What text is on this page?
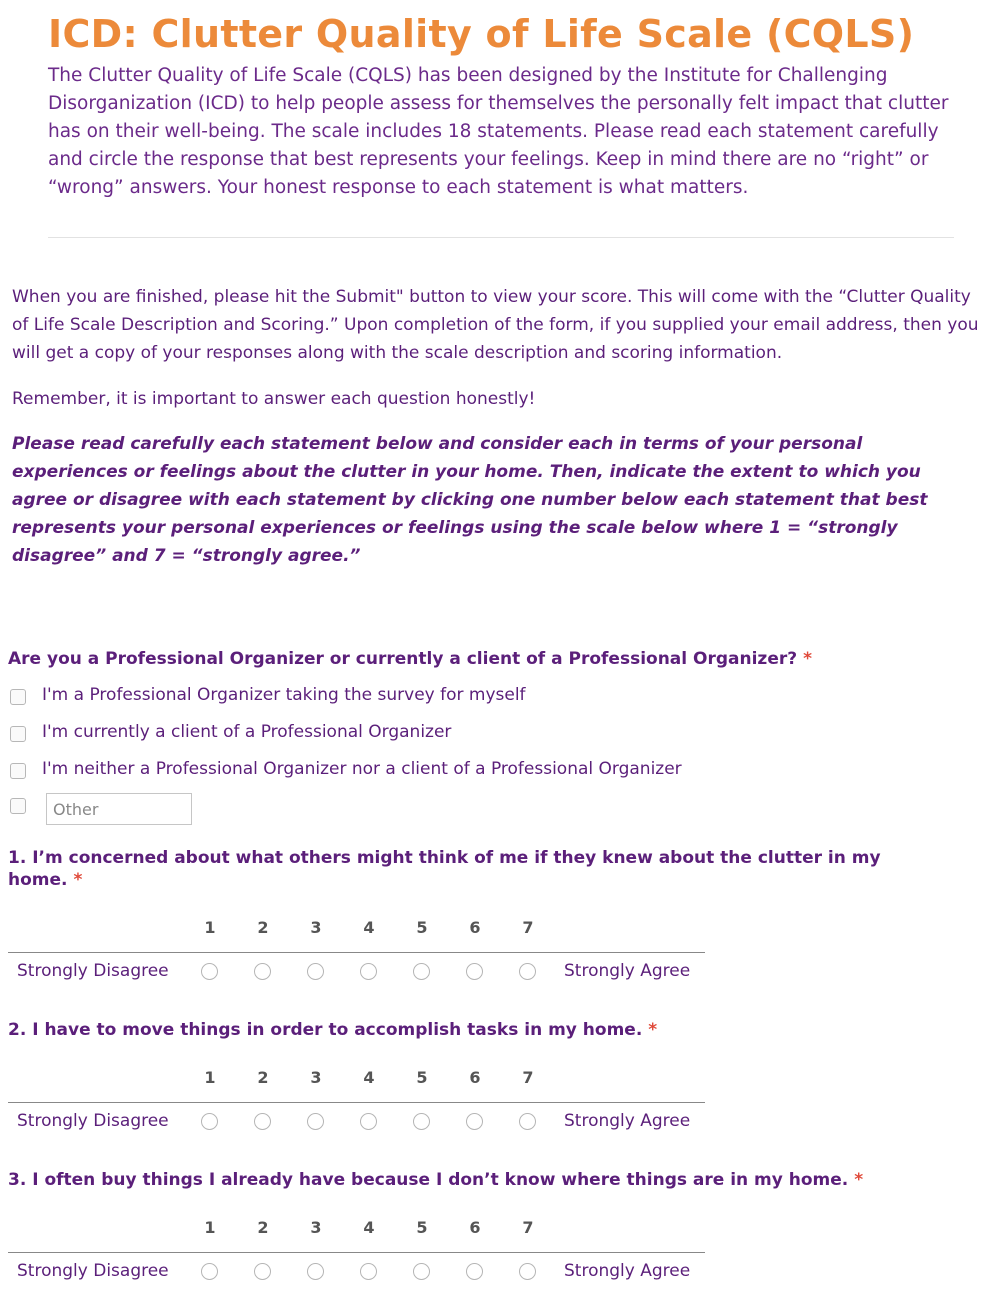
ICD: Clutter Quality of Life Scale (CQLS)

The Clutter Quality of Life Scale (CQLS) has been designed by the Institute for Challenging Disorganization (ICD) to help people assess for themselves the personally felt impact that clutter has on their well-being. The scale includes 18 statements. Please read each statement carefully and circle the response that best represents your feelings. Keep in mind there are no “right” or “wrong” answers. Your honest response to each statement is what matters.

When you are finished, please hit the Submit" button to view your score. This will come with the “Clutter Quality of Life Scale Description and Scoring.” Upon completion of the form, if you supplied your email address, then you will get a copy of your responses along with the scale description and scoring information.

Remember, it is important to answer each question honestly!

Please read carefully each statement below and consider each in terms of your personal experiences or feelings about the clutter in your home. Then, indicate the extent to which you agree or disagree with each statement by clicking one number below each statement that best represents your personal experiences or feelings using the scale below where 1 = “strongly disagree” and 7 = “strongly agree.”

Are you a Professional Organizer or currently a client of a Professional Organizer? *
I'm a Professional Organizer taking the survey for myself
I'm currently a client of a Professional Organizer
I'm neither a Professional Organizer nor a client of a Professional Organizer
Other
1. I’m concerned about what others might think of me if they knew about the clutter in my home. *
1	2	3	4	5	6	7
Strongly Disagree	Strongly Agree
2. I have to move things in order to accomplish tasks in my home. *
1	2	3	4	5	6	7
Strongly Disagree	Strongly Agree
3. I often buy things I already have because I don’t know where things are in my home. *
1	2	3	4	5	6	7
Strongly Disagree	Strongly Agree
